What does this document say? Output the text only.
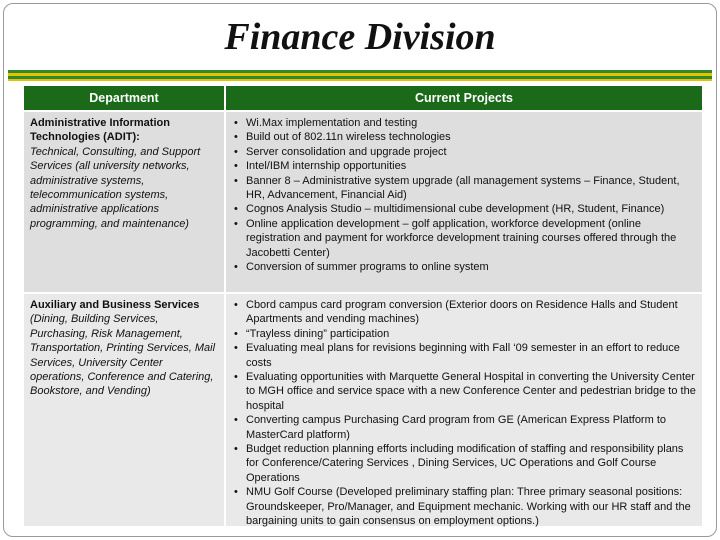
Finance Division
Department	Current Projects
Administrative Information Technologies (ADIT):
Technical, Consulting, and Support Services (all university networks, administrative systems, telecommunication systems, administrative applications programming, and maintenance)
• Wi.Max implementation and testing
• Build out of 802.11n wireless technologies
• Server consolidation and upgrade project
• Intel/IBM internship opportunities
• Banner 8 – Administrative system upgrade (all management systems – Finance, Student, HR, Advancement, Financial Aid)
• Cognos Analysis Studio – multidimensional cube development (HR, Student, Finance)
• Online application development – golf application, workforce development (online registration and payment for workforce development training courses offered through the Jacobetti Center)
• Conversion of summer programs to online system
Auxiliary and Business Services
(Dining, Building Services, Purchasing, Risk Management, Transportation, Printing Services, Mail Services, University Center operations, Conference and Catering, Bookstore, and Vending)
• Cbord campus card program conversion (Exterior doors on Residence Halls and Student Apartments and vending machines)
• “Trayless dining” participation
• Evaluating meal plans for revisions beginning with Fall ‘09 semester in an effort to reduce costs
• Evaluating opportunities with Marquette General Hospital in converting the University Center to MGH office and service space with a new Conference Center and pedestrian bridge to the hospital
• Converting campus Purchasing Card program from GE (American Express Platform to MasterCard platform)
• Budget reduction planning efforts including modification of staffing and responsibility plans for Conference/Catering Services , Dining Services, UC Operations and Golf Course Operations
• NMU Golf Course (Developed preliminary staffing plan: Three primary seasonal positions: Groundskeeper, Pro/Manager, and Equipment mechanic. Working with our HR staff and the bargaining units to gain consensus on employment options.)
